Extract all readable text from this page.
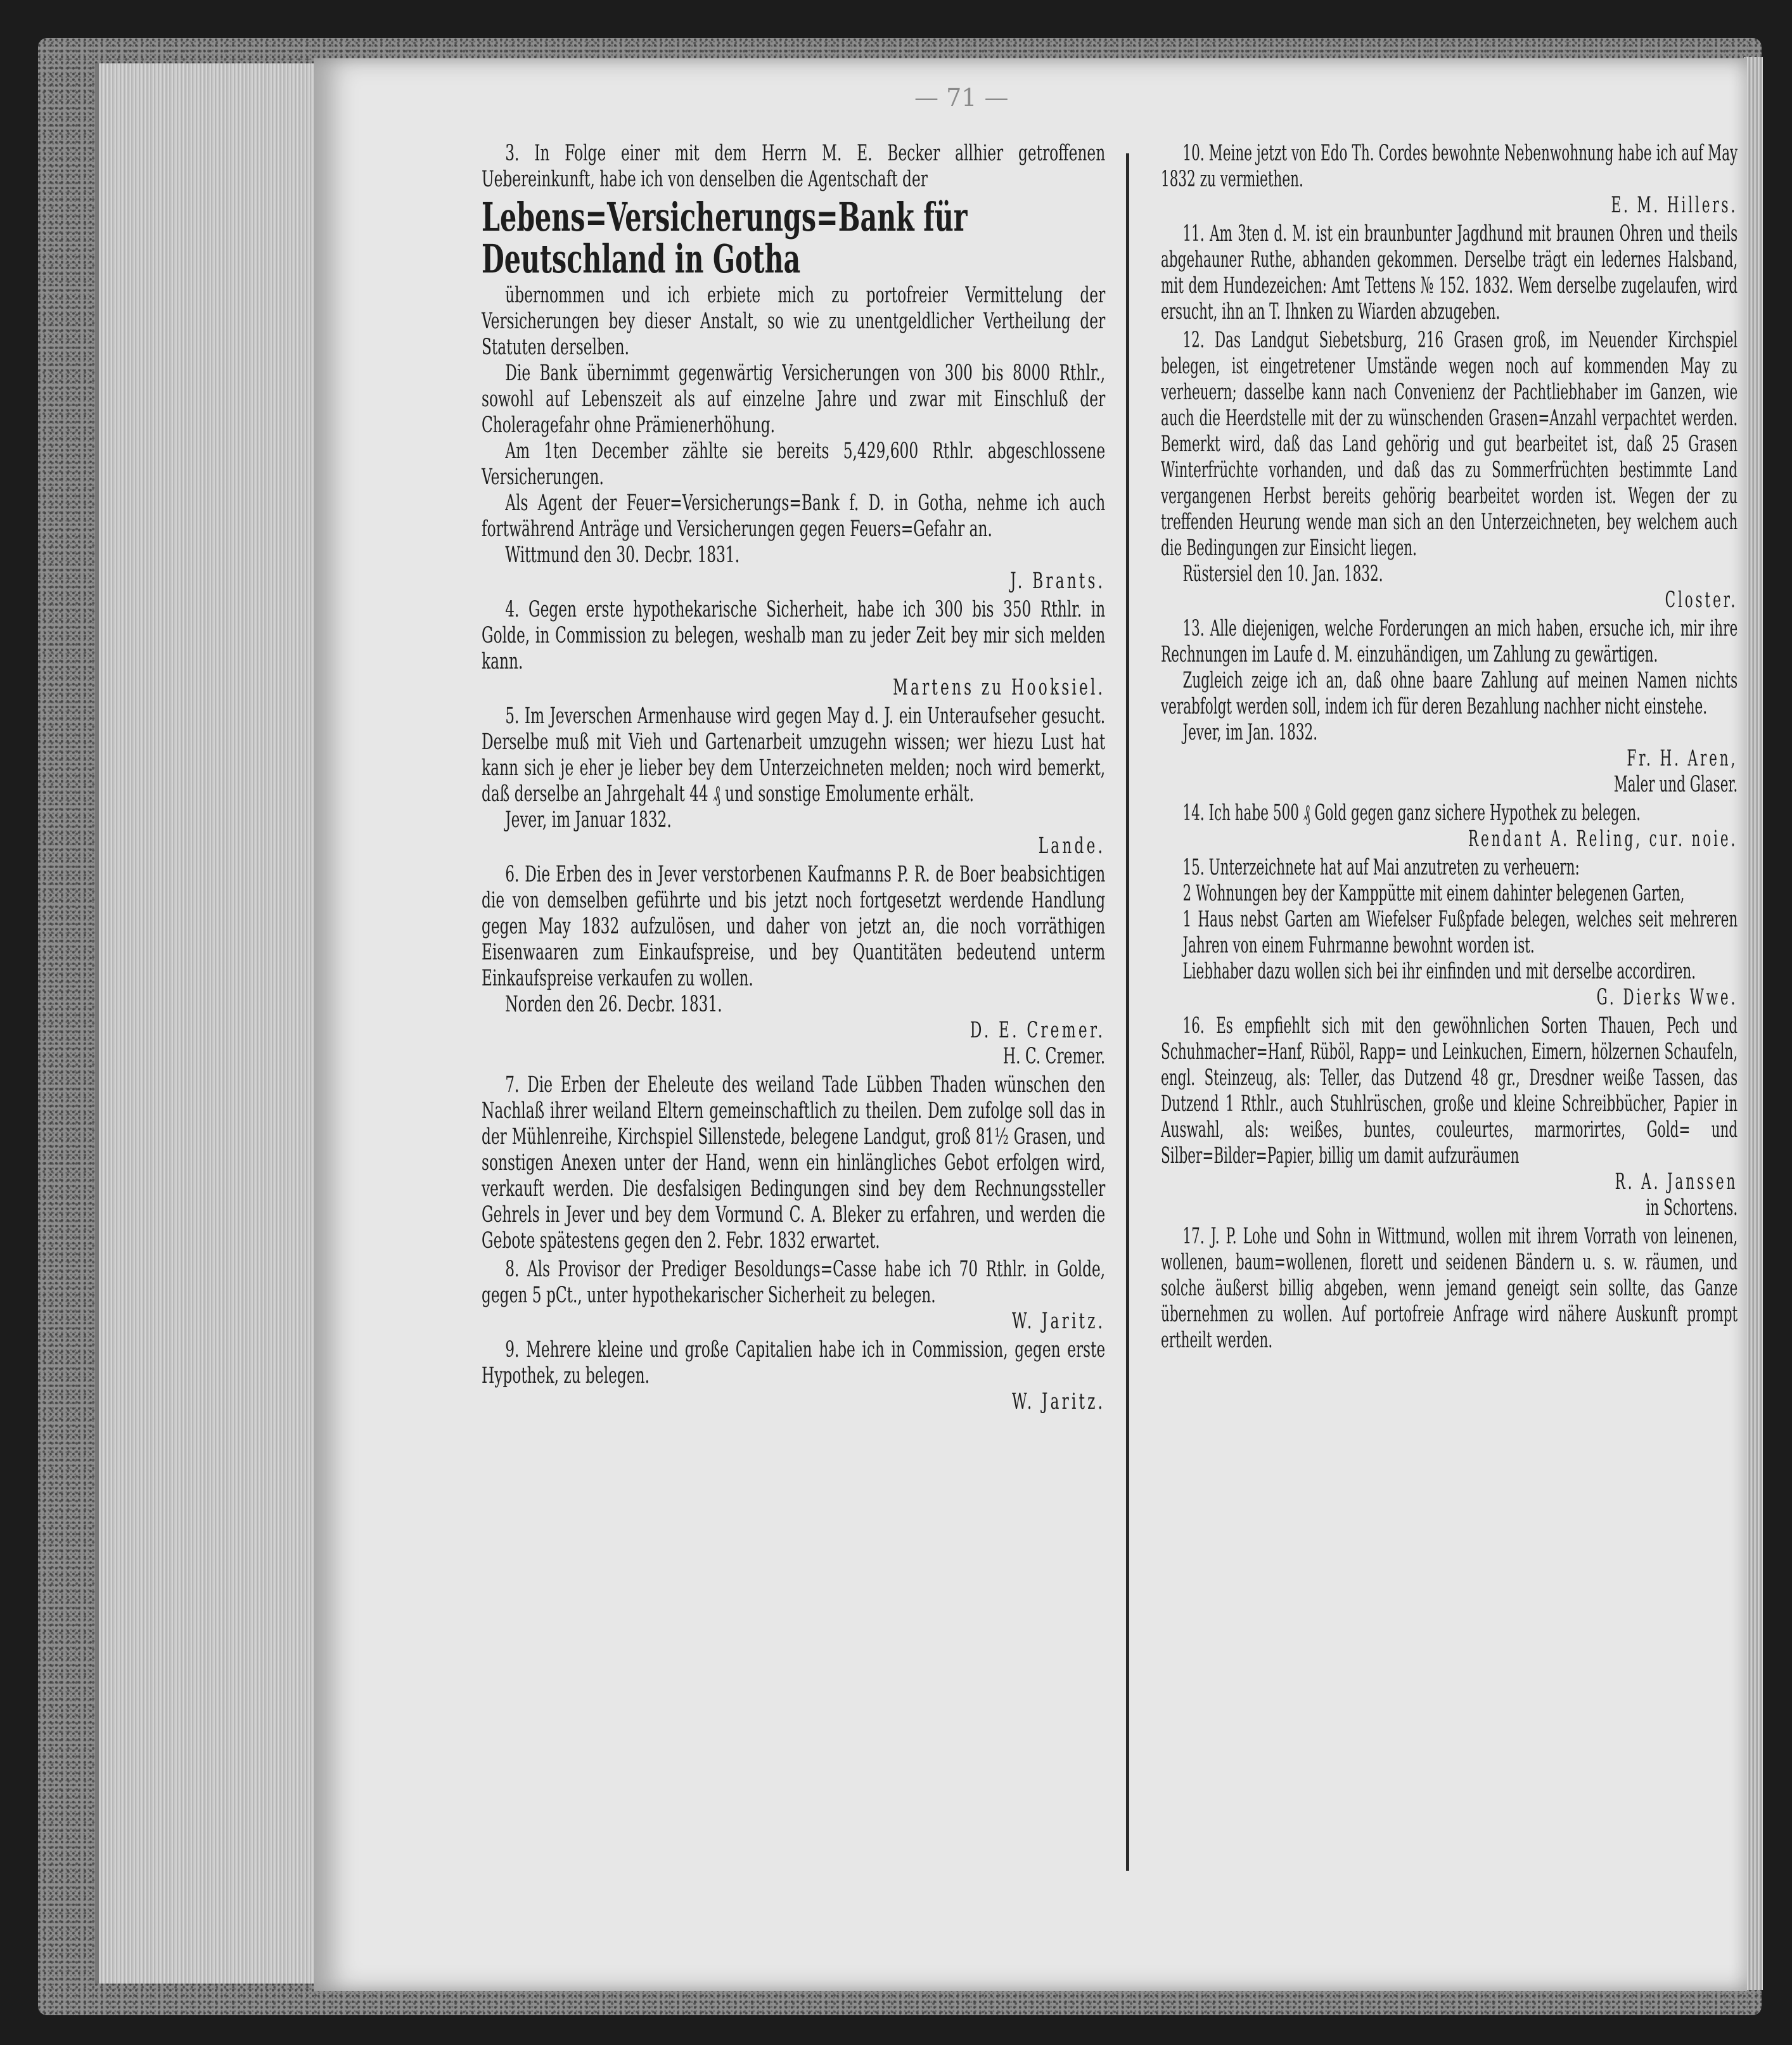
— 71 —

3. In Folge einer mit dem Herrn M. E. Becker allhier getroffenen Uebereinkunft, habe ich von denselben die Agentschaft der

Lebens=Versicherungs=Bank für Deutschland in Gotha

übernommen und ich erbiete mich zu portofreier Vermittelung der Versicherungen bey dieser Anstalt, so wie zu unentgeldlicher Vertheilung der Statuten derselben.

Die Bank übernimmt gegenwärtig Versicherungen von 300 bis 8000 Rthlr., sowohl auf Lebenszeit als auf einzelne Jahre und zwar mit Einschluß der Choleragefahr ohne Prämienerhöhung.

Am 1ten December zählte sie bereits 5,429,600 Rthlr. abgeschlossene Versicherungen.

Als Agent der Feuer=Versicherungs=Bank f. D. in Gotha, nehme ich auch fortwährend Anträge und Versicherungen gegen Feuers=Gefahr an.

Wittmund den 30. Decbr. 1831.

J. Brants.

4. Gegen erste hypothekarische Sicherheit, habe ich 300 bis 350 Rthlr. in Golde, in Commission zu belegen, weshalb man zu jeder Zeit bey mir sich melden kann.

Martens zu Hooksiel.

5. Im Jeverschen Armenhause wird gegen May d. J. ein Unteraufseher gesucht. Derselbe muß mit Vieh und Gartenarbeit umzugehn wissen; wer hiezu Lust hat kann sich je eher je lieber bey dem Unterzeichneten melden; noch wird bemerkt, daß derselbe an Jahrgehalt 44 ₰ und sonstige Emolumente erhält.

Jever, im Januar 1832.

Lande.

6. Die Erben des in Jever verstorbenen Kaufmanns P. R. de Boer beabsichtigen die von demselben geführte und bis jetzt noch fortgesetzt werdende Handlung gegen May 1832 aufzulösen, und daher von jetzt an, die noch vorräthigen Eisenwaaren zum Einkaufspreise, und bey Quantitäten bedeutend unterm Einkaufspreise verkaufen zu wollen.

Norden den 26. Decbr. 1831.

D. E. Cremer.

H. C. Cremer.

7. Die Erben der Eheleute des weiland Tade Lübben Thaden wünschen den Nachlaß ihrer weiland Eltern gemeinschaftlich zu theilen. Dem zufolge soll das in der Mühlenreihe, Kirchspiel Sillenstede, belegene Landgut, groß 81½ Grasen, und sonstigen Anexen unter der Hand, wenn ein hinlängliches Gebot erfolgen wird, verkauft werden. Die desfalsigen Bedingungen sind bey dem Rechnungssteller Gehrels in Jever und bey dem Vormund C. A. Bleker zu erfahren, und werden die Gebote spätestens gegen den 2. Febr. 1832 erwartet.

8. Als Provisor der Prediger Besoldungs=Casse habe ich 70 Rthlr. in Golde, gegen 5 pCt., unter hypothekarischer Sicherheit zu belegen.

W. Jaritz.

9. Mehrere kleine und große Capitalien habe ich in Commission, gegen erste Hypothek, zu belegen.

W. Jaritz.

10. Meine jetzt von Edo Th. Cordes bewohnte Nebenwohnung habe ich auf May 1832 zu vermiethen.

E. M. Hillers.

11. Am 3ten d. M. ist ein braunbunter Jagdhund mit braunen Ohren und theils abgehauner Ruthe, abhanden gekommen. Derselbe trägt ein ledernes Halsband, mit dem Hundezeichen: Amt Tettens № 152. 1832. Wem derselbe zugelaufen, wird ersucht, ihn an T. Ihnken zu Wiarden abzugeben.

12. Das Landgut Siebetsburg, 216 Grasen groß, im Neuender Kirchspiel belegen, ist eingetretener Umstände wegen noch auf kommenden May zu verheuern; dasselbe kann nach Convenienz der Pachtliebhaber im Ganzen, wie auch die Heerdstelle mit der zu wünschenden Grasen=Anzahl verpachtet werden. Bemerkt wird, daß das Land gehörig und gut bearbeitet ist, daß 25 Grasen Winterfrüchte vorhanden, und daß das zu Sommerfrüchten bestimmte Land vergangenen Herbst bereits gehörig bearbeitet worden ist. Wegen der zu treffenden Heurung wende man sich an den Unterzeichneten, bey welchem auch die Bedingungen zur Einsicht liegen.

Rüstersiel den 10. Jan. 1832.

Closter.

13. Alle diejenigen, welche Forderungen an mich haben, ersuche ich, mir ihre Rechnungen im Laufe d. M. einzuhändigen, um Zahlung zu gewärtigen.

Zugleich zeige ich an, daß ohne baare Zahlung auf meinen Namen nichts verabfolgt werden soll, indem ich für deren Bezahlung nachher nicht einstehe.

Jever, im Jan. 1832.

Fr. H. Aren,

Maler und Glaser.

14. Ich habe 500 ₰ Gold gegen ganz sichere Hypothek zu belegen.

Rendant A. Reling, cur. noie.

15. Unterzeichnete hat auf Mai anzutreten zu verheuern:

2 Wohnungen bey der Kamppütte mit einem dahinter belegenen Garten,

1 Haus nebst Garten am Wiefelser Fußpfade belegen, welches seit mehreren Jahren von einem Fuhrmanne bewohnt worden ist.

Liebhaber dazu wollen sich bei ihr einfinden und mit derselbe accordiren.

G. Dierks Wwe.

16. Es empfiehlt sich mit den gewöhnlichen Sorten Thauen, Pech und Schuhmacher=Hanf, Rüböl, Rapp= und Leinkuchen, Eimern, hölzernen Schaufeln, engl. Steinzeug, als: Teller, das Dutzend 48 gr., Dresdner weiße Tassen, das Dutzend 1 Rthlr., auch Stuhlrüschen, große und kleine Schreibbücher, Papier in Auswahl, als: weißes, buntes, couleurtes, marmorirtes, Gold= und Silber=Bilder=Papier, billig um damit aufzuräumen

R. A. Janssen

in Schortens.

17. J. P. Lohe und Sohn in Wittmund, wollen mit ihrem Vorrath von leinenen, wollenen, baum=wollenen, florett und seidenen Bändern u. s. w. räumen, und solche äußerst billig abgeben, wenn jemand geneigt sein sollte, das Ganze übernehmen zu wollen. Auf portofreie Anfrage wird nähere Auskunft prompt ertheilt werden.
